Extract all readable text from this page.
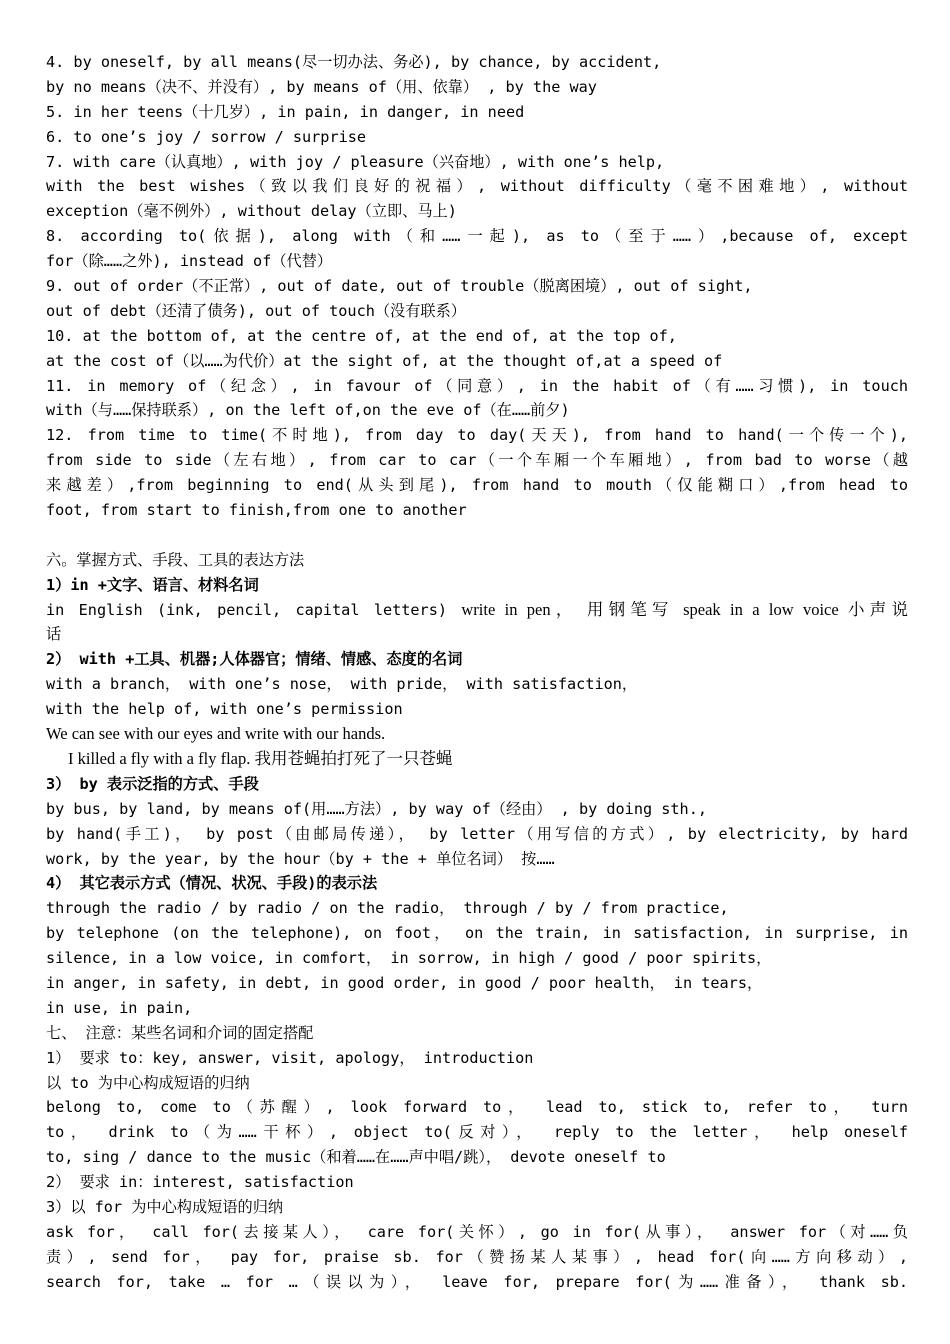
4. by oneself, by all means(尽一切办法、务必), by chance, by accident,
by no means（决不、并没有）, by means of（用、依靠） , by the way
5. in her teens（十几岁）, in pain, in danger, in need
6. to one’s joy / sorrow / surprise
7. with care（认真地）, with joy / pleasure（兴奋地）, with one’s help,
with the best wishes（致以我们良好的祝福）, without difficulty（毫不困难地）, without
exception（毫不例外）, without delay（立即、马上)
8. according to(依据), along with（和……一起), as to（至于……）,because of, except
for（除……之外), instead of（代替）
9. out of order（不正常）, out of date, out of trouble（脱离困境）, out of sight,
out of debt（还清了债务), out of touch（没有联系）
10. at the bottom of, at the centre of, at the end of, at the top of,
at the cost of（以……为代价）at the sight of, at the thought of,at a speed of
11. in memory of（纪念）, in favour of（同意）, in the habit of（有……习惯), in touch
with（与……保持联系）, on the left of,on the eve of（在……前夕)
12. from time to time(不时地), from day to day(天天), from hand to hand(一个传一个),
from side to side（左右地）, from car to car（一个车厢一个车厢地）, from bad to worse（越
来越差）,from beginning to end(从头到尾), from hand to mouth（仅能糊口）,from head to
foot, from start to finish,from one to another
六。掌握方式、手段、工具的表达方法
1）in +文字、语言、材料名词
in English (ink, pencil, capital letters) write in pen， 用钢笔写 speak in a low voice 小声说
话
2） with +工具、机器;人体器官；情绪、情感、态度的名词
with a branch， with one’s nose， with pride， with satisfaction，
with the help of, with one’s permission
We can see with our eyes and write with our hands.
I killed a fly with a fly flap. 我用苍蝇拍打死了一只苍蝇
3） by 表示泛指的方式、手段
by bus, by land, by means of(用……方法）, by way of（经由） , by doing sth.,
by hand(手工)， by post（由邮局传递）， by letter（用写信的方式）, by electricity, by hard
work, by the year, by the hour（by + the + 单位名词） 按……
4） 其它表示方式（情况、状况、手段)的表示法
through the radio / by radio / on the radio， through / by / from practice,
by telephone (on the telephone), on foot， on the train, in satisfaction, in surprise, in
silence, in a low voice, in comfort， in sorrow, in high / good / poor spirits，
in anger, in safety, in debt, in good order, in good / poor health， in tears，
in use, in pain,
七、 注意：某些名词和介词的固定搭配
1） 要求 to：key, answer, visit, apology， introduction
以 to 为中心构成短语的归纳
belong to, come to（苏醒）, look forward to， lead to, stick to, refer to， turn
to， drink to（为……干杯）, object to(反对）， reply to the letter， help oneself
to, sing / dance to the music（和着……在……声中唱/跳）， devote oneself to
2） 要求 in：interest, satisfaction
3）以 for 为中心构成短语的归纳
ask for， call for(去接某人）， care for(关怀）, go in for(从事）， answer for（对……负
责）, send for， pay for, praise sb. for（赞扬某人某事）, head for(向……方向移动）,
search for, take … for …（误以为）， leave for, prepare for(为……准备）， thank sb.
